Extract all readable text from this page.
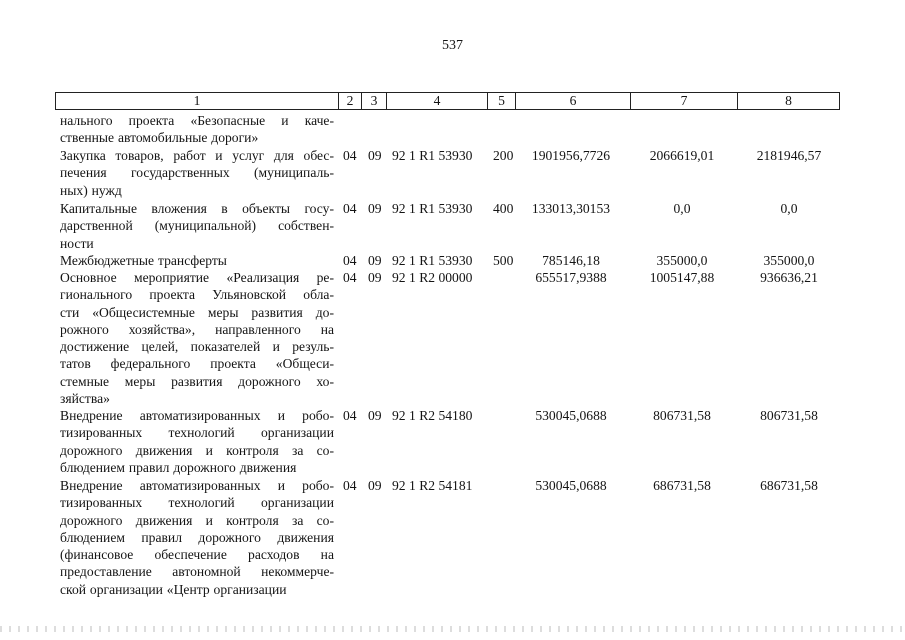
537
1	2	3	4	5	6	7	8
нального проекта «Безопасные и каче-
ственные автомобильные дороги»
Закупка товаров, работ и услуг для обес-
печения государственных (муниципаль-
ных) нужд
04 09 92 1 R1 53930	200	1901956,7726	2066619,01	2181946,57
Капитальные вложения в объекты госу-
дарственной (муниципальной) собствен-
ности
04 09 92 1 R1 53930	400	133013,30153	0,0	0,0
Межбюджетные трансферты	04 09 92 1 R1 53930	500	785146,18	355000,0	355000,0
Основное мероприятие «Реализация ре-
гионального проекта Ульяновской обла-
сти «Общесистемные меры развития до-
рожного хозяйства», направленного на
достижение целей, показателей и резуль-
татов федерального проекта «Общеси-
стемные меры развития дорожного хо-
зяйства»
04 09 92 1 R2 00000	655517,9388	1005147,88	936636,21
Внедрение автоматизированных и робо-
тизированных технологий организации
дорожного движения и контроля за со-
блюдением правил дорожного движения
04 09 92 1 R2 54180	530045,0688	806731,58	806731,58
Внедрение автоматизированных и робо-
тизированных технологий организации
дорожного движения и контроля за со-
блюдением правил дорожного движения
(финансовое обеспечение расходов на
предоставление автономной некоммерче-
ской организации «Центр организации
04 09 92 1 R2 54181	530045,0688	686731,58	686731,58
